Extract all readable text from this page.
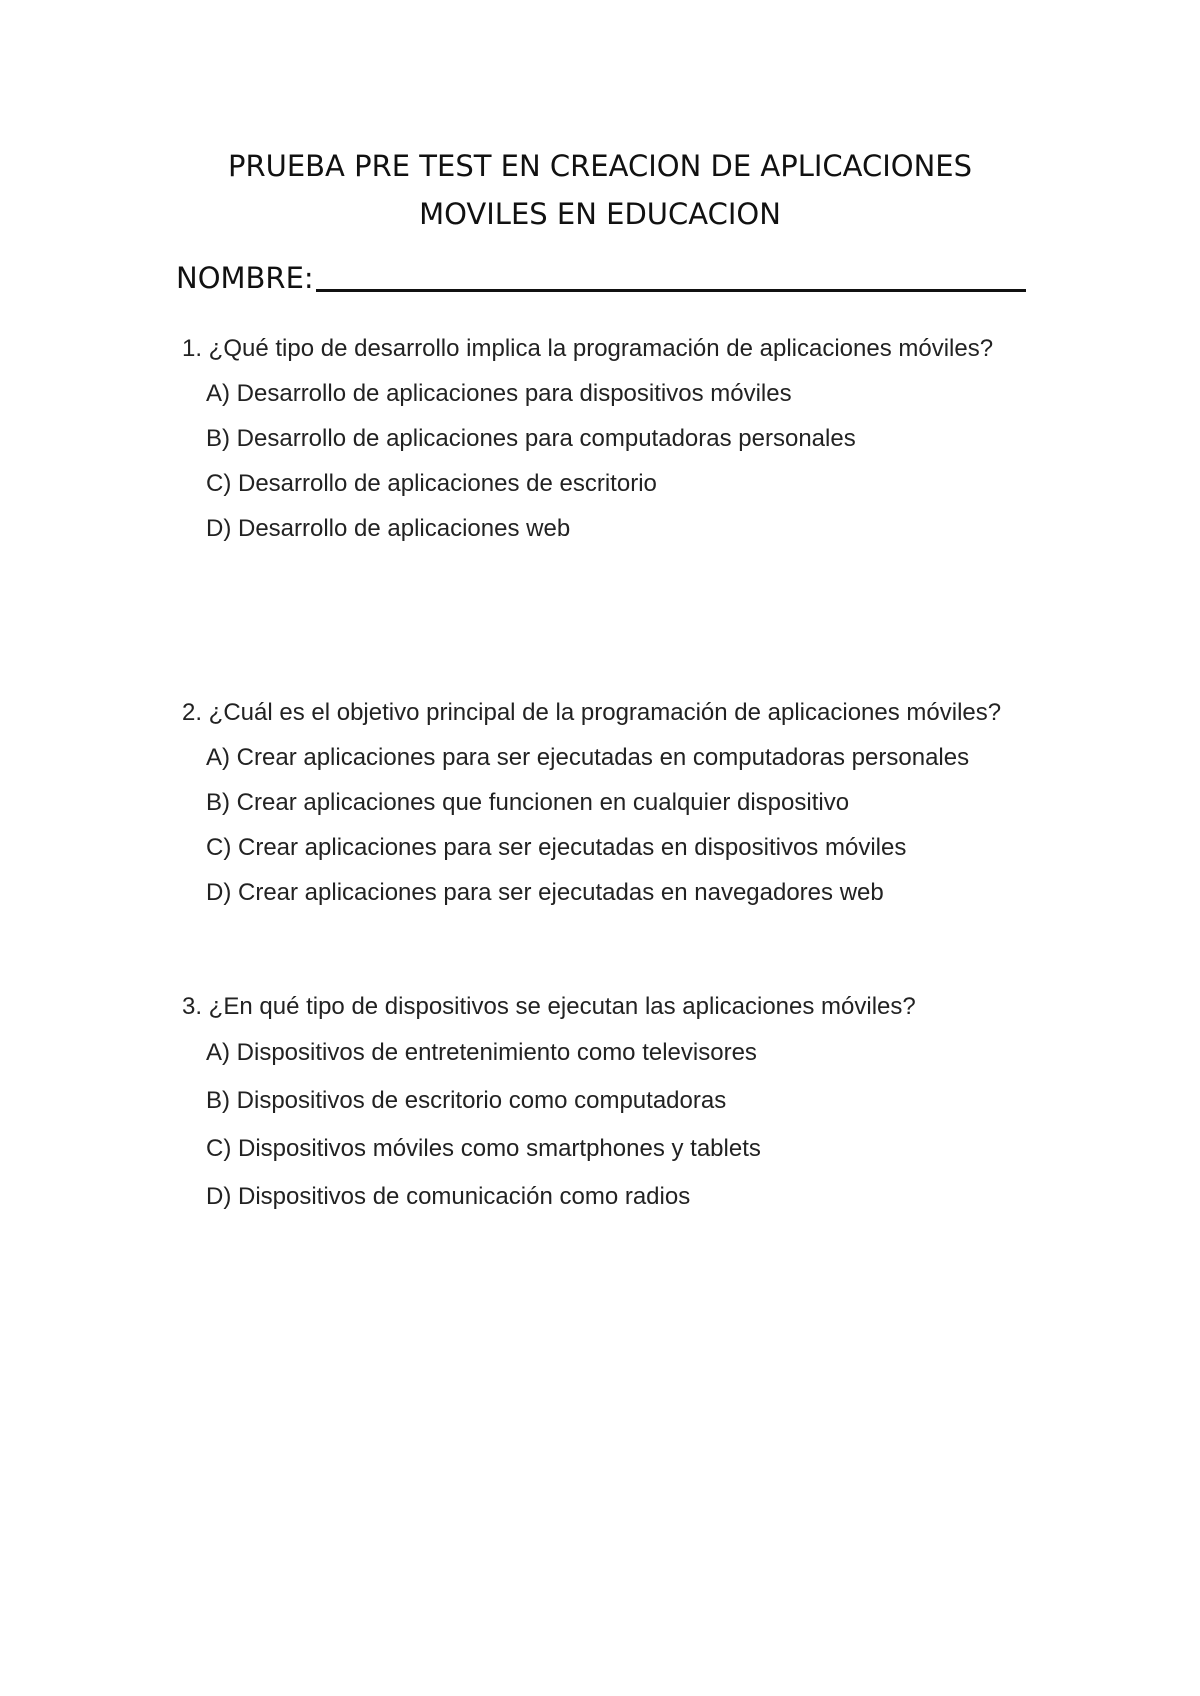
PRUEBA PRE TEST EN CREACION DE APLICACIONES
MOVILES EN EDUCACION
NOMBRE:

1. ¿Qué tipo de desarrollo implica la programación de aplicaciones móviles?

A) Desarrollo de aplicaciones para dispositivos móviles
B) Desarrollo de aplicaciones para computadoras personales
C) Desarrollo de aplicaciones de escritorio
D) Desarrollo de aplicaciones web

2. ¿Cuál es el objetivo principal de la programación de aplicaciones móviles?

A) Crear aplicaciones para ser ejecutadas en computadoras personales
B) Crear aplicaciones que funcionen en cualquier dispositivo
C) Crear aplicaciones para ser ejecutadas en dispositivos móviles
D) Crear aplicaciones para ser ejecutadas en navegadores web

3. ¿En qué tipo de dispositivos se ejecutan las aplicaciones móviles?

A) Dispositivos de entretenimiento como televisores
B) Dispositivos de escritorio como computadoras
C) Dispositivos móviles como smartphones y tablets
D) Dispositivos de comunicación como radios
